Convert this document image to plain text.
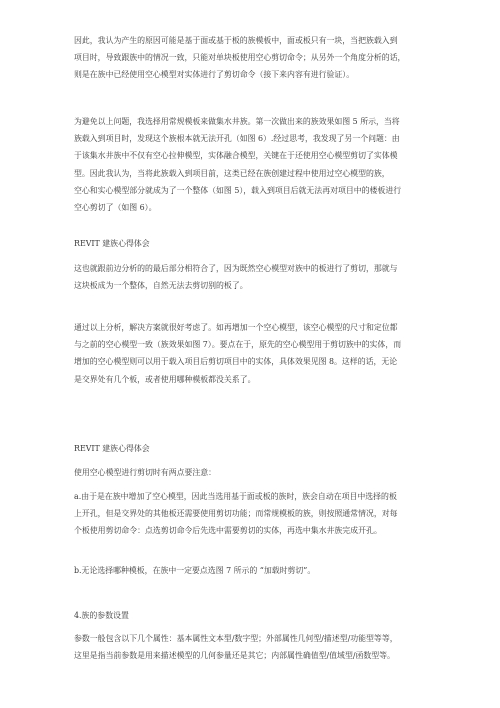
因此，我认为产生的原因可能是基于面或基于板的族模板中，面或板只有一块，当把族载入到
项目时，导致跟族中的情况一致，只能对单块板使用空心剪切命令；从另外一个角度分析的话，
则是在族中已经使用空心模型对实体进行了剪切命令（接下来内容有进行验证）。
为避免以上问题，我选择用常规模板来做集水井族。第一次做出来的族效果如图 5 所示，当将
族载入到项目时，发现这个族根本就无法开孔（如图 6）.经过思考，我发现了另一个问题：由
于该集水井族中不仅有空心拉伸模型，实体融合模型，关键在于还使用空心模型剪切了实体模
型。因此我认为，当将此族载入到项目前，这类已经在族创建过程中使用过空心模型的族，
空心和实心模型部分就成为了一个整体（如图 5），载入到项目后就无法再对项目中的楼板进行
空心剪切了（如图 6）。
REVIT 建族心得体会
这也就跟前边分析的的最后部分相符合了，因为既然空心模型对族中的板进行了剪切，那就与
这块板成为一个整体，自然无法去剪切别的板了。
通过以上分析，解决方案就很好考虑了。如再增加一个空心模型，该空心模型的尺寸和定位都
与之前的空心模型一致（族效果如图 7）。要点在于，原先的空心模型用于剪切族中的实体，而
增加的空心模型则可以用于载入项目后剪切项目中的实体，具体效果见图 8。这样的话，无论
是交界处有几个板，或者使用哪种模板都没关系了。
REVIT 建族心得体会
使用空心模型进行剪切时有两点要注意：
a.由于是在族中增加了空心模型，因此当选用基于面或板的族时，族会自动在项目中选择的板
上开孔，但是交界处的其他板还需要使用剪切功能；而常规模板的族，则按照通常情况，对每
个板使用剪切命令：点选剪切命令后先选中需要剪切的实体，再选中集水井族完成开孔。
b.无论选择哪种模板，在族中一定要点选图 7 所示的 “加载时剪切”。
4.族的参数设置
参数一般包含以下几个属性：基本属性文本型/数字型；外部属性几何型/描述型/功能型等等，
这里是指当前参数是用来描述模型的几何参量还是其它；内部属性确值型/值域型/函数型等。
